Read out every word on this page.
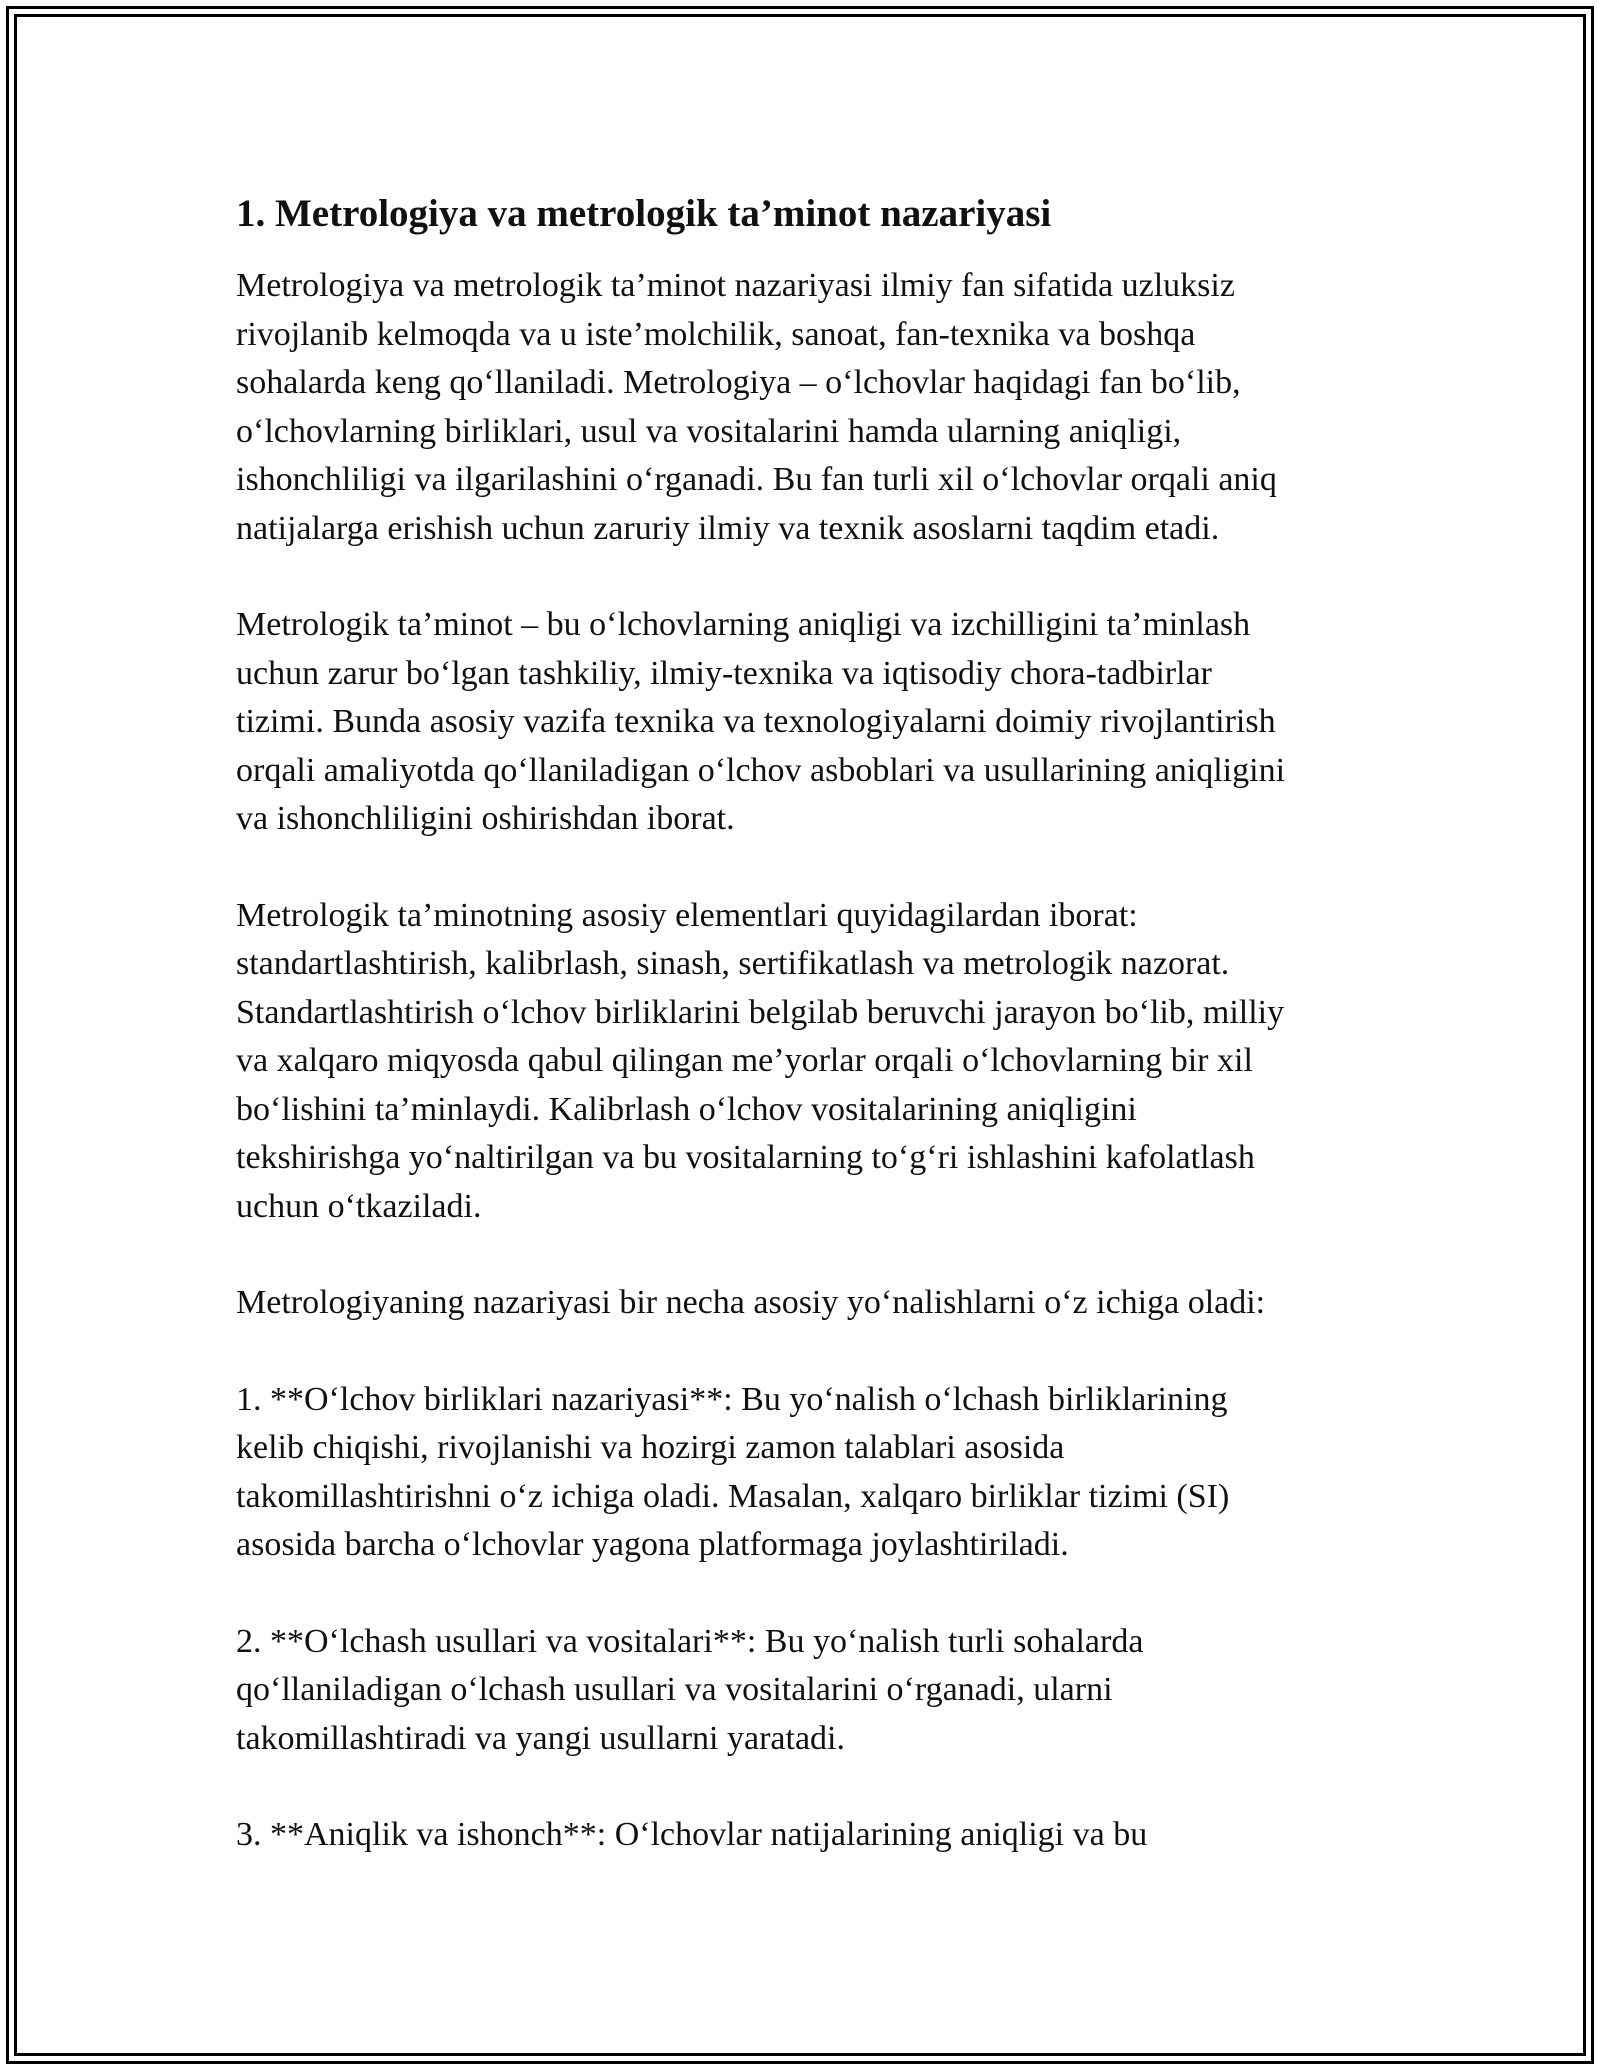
1. Metrologiya va metrologik ta’minot nazariyasi

Metrologiya va metrologik ta’minot nazariyasi ilmiy fan sifatida uzluksiz
rivojlanib kelmoqda va u iste’molchilik, sanoat, fan-texnika va boshqa
sohalarda keng qo‘llaniladi. Metrologiya – o‘lchovlar haqidagi fan bo‘lib,
o‘lchovlarning birliklari, usul va vositalarini hamda ularning aniqligi,
ishonchliligi va ilgarilashini o‘rganadi. Bu fan turli xil o‘lchovlar orqali aniq
natijalarga erishish uchun zaruriy ilmiy va texnik asoslarni taqdim etadi.

Metrologik ta’minot – bu o‘lchovlarning aniqligi va izchilligini ta’minlash
uchun zarur bo‘lgan tashkiliy, ilmiy-texnika va iqtisodiy chora-tadbirlar
tizimi. Bunda asosiy vazifa texnika va texnologiyalarni doimiy rivojlantirish
orqali amaliyotda qo‘llaniladigan o‘lchov asboblari va usullarining aniqligini
va ishonchliligini oshirishdan iborat.

Metrologik ta’minotning asosiy elementlari quyidagilardan iborat:
standartlashtirish, kalibrlash, sinash, sertifikatlash va metrologik nazorat.
Standartlashtirish o‘lchov birliklarini belgilab beruvchi jarayon bo‘lib, milliy
va xalqaro miqyosda qabul qilingan me’yorlar orqali o‘lchovlarning bir xil
bo‘lishini ta’minlaydi. Kalibrlash o‘lchov vositalarining aniqligini
tekshirishga yo‘naltirilgan va bu vositalarning to‘g‘ri ishlashini kafolatlash
uchun o‘tkaziladi.

Metrologiyaning nazariyasi bir necha asosiy yo‘nalishlarni o‘z ichiga oladi:

1. **O‘lchov birliklari nazariyasi**: Bu yo‘nalish o‘lchash birliklarining
kelib chiqishi, rivojlanishi va hozirgi zamon talablari asosida
takomillashtirishni o‘z ichiga oladi. Masalan, xalqaro birliklar tizimi (SI)
asosida barcha o‘lchovlar yagona platformaga joylashtiriladi.

2. **O‘lchash usullari va vositalari**: Bu yo‘nalish turli sohalarda
qo‘llaniladigan o‘lchash usullari va vositalarini o‘rganadi, ularni
takomillashtiradi va yangi usullarni yaratadi.

3. **Aniqlik va ishonch**: O‘lchovlar natijalarining aniqligi va bu
